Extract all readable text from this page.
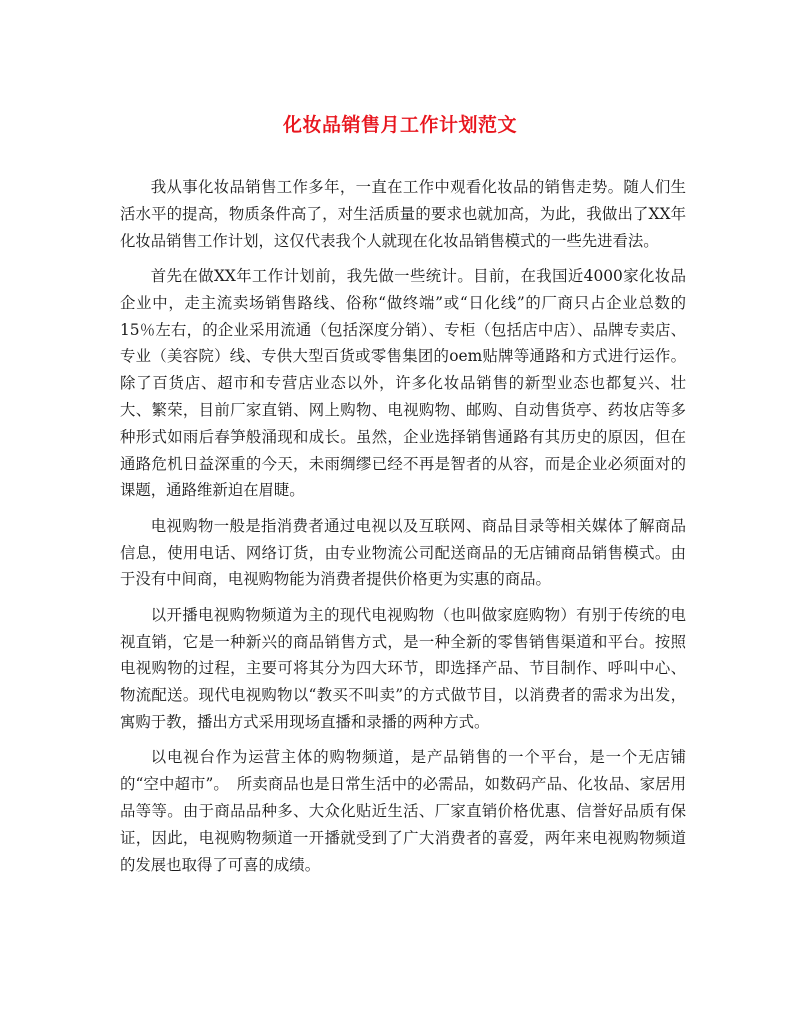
化妆品销售月工作计划范文

我从事化妆品销售工作多年，一直在工作中观看化妆品的销售走势。随人们生活水平的提高，物质条件高了，对生活质量的要求也就加高，为此，我做出了XX年化妆品销售工作计划，这仅代表我个人就现在化妆品销售模式的一些先进看法。

首先在做XX年工作计划前，我先做一些统计。目前，在我国近4000家化妆品企业中，走主流卖场销售路线、俗称“做终端”或“日化线”的厂商只占企业总数的15％左右，的企业采用流通（包括深度分销）、专柜（包括店中店）、品牌专卖店、专业（美容院）线、专供大型百货或零售集团的oem贴牌等通路和方式进行运作。除了百货店、超市和专营店业态以外，许多化妆品销售的新型业态也都复兴、壮大、繁荣，目前厂家直销、网上购物、电视购物、邮购、自动售货亭、药妆店等多种形式如雨后春笋般涌现和成长。虽然，企业选择销售通路有其历史的原因，但在通路危机日益深重的今天，未雨绸缪已经不再是智者的从容，而是企业必须面对的课题，通路维新迫在眉睫。

电视购物一般是指消费者通过电视以及互联网、商品目录等相关媒体了解商品信息，使用电话、网络订货，由专业物流公司配送商品的无店铺商品销售模式。由于没有中间商，电视购物能为消费者提供价格更为实惠的商品。

以开播电视购物频道为主的现代电视购物（也叫做家庭购物）有别于传统的电视直销，它是一种新兴的商品销售方式，是一种全新的零售销售渠道和平台。按照电视购物的过程，主要可将其分为四大环节，即选择产品、节目制作、呼叫中心、物流配送。现代电视购物以“教买不叫卖”的方式做节目，以消费者的需求为出发，寓购于教，播出方式采用现场直播和录播的两种方式。

以电视台作为运营主体的购物频道，是产品销售的一个平台，是一个无店铺的“空中超市”。　所卖商品也是日常生活中的必需品，如数码产品、化妆品、家居用品等等。由于商品品种多、大众化贴近生活、厂家直销价格优惠、信誉好品质有保证，因此，电视购物频道一开播就受到了广大消费者的喜爱，两年来电视购物频道的发展也取得了可喜的成绩。
